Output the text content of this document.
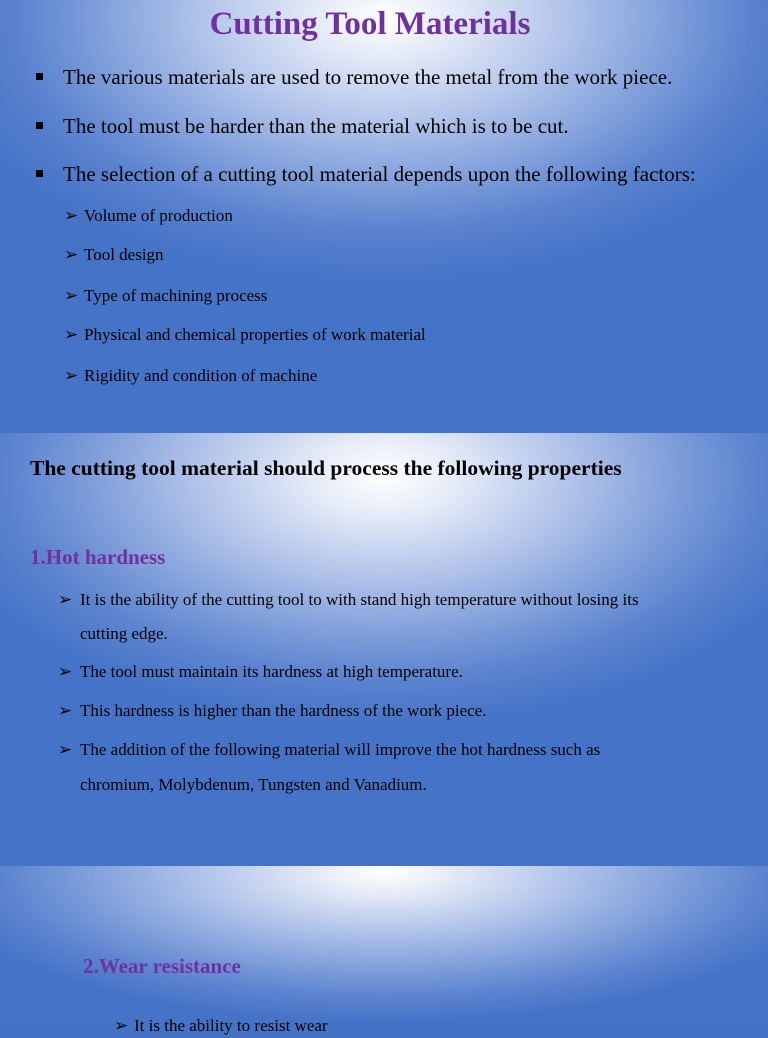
Cutting Tool Materials
The various materials are used to remove the metal from the work piece.
The tool must be harder than the material which is to be cut.
The selection of a cutting tool material depends upon the following factors:
➢ Volume of production
➢ Tool design
➢ Type of machining process
➢ Physical and chemical properties of work material
➢ Rigidity and condition of machine
The cutting tool material should process the following properties
1.Hot hardness
➢ It is the ability of the cutting tool to with stand high temperature without losing its
cutting edge.
➢ The tool must maintain its hardness at high temperature.
➢ This hardness is higher than the hardness of the work piece.
➢ The addition of the following material will improve the hot hardness such as
chromium, Molybdenum, Tungsten and Vanadium.
2.Wear resistance
➢ It is the ability to resist wear
